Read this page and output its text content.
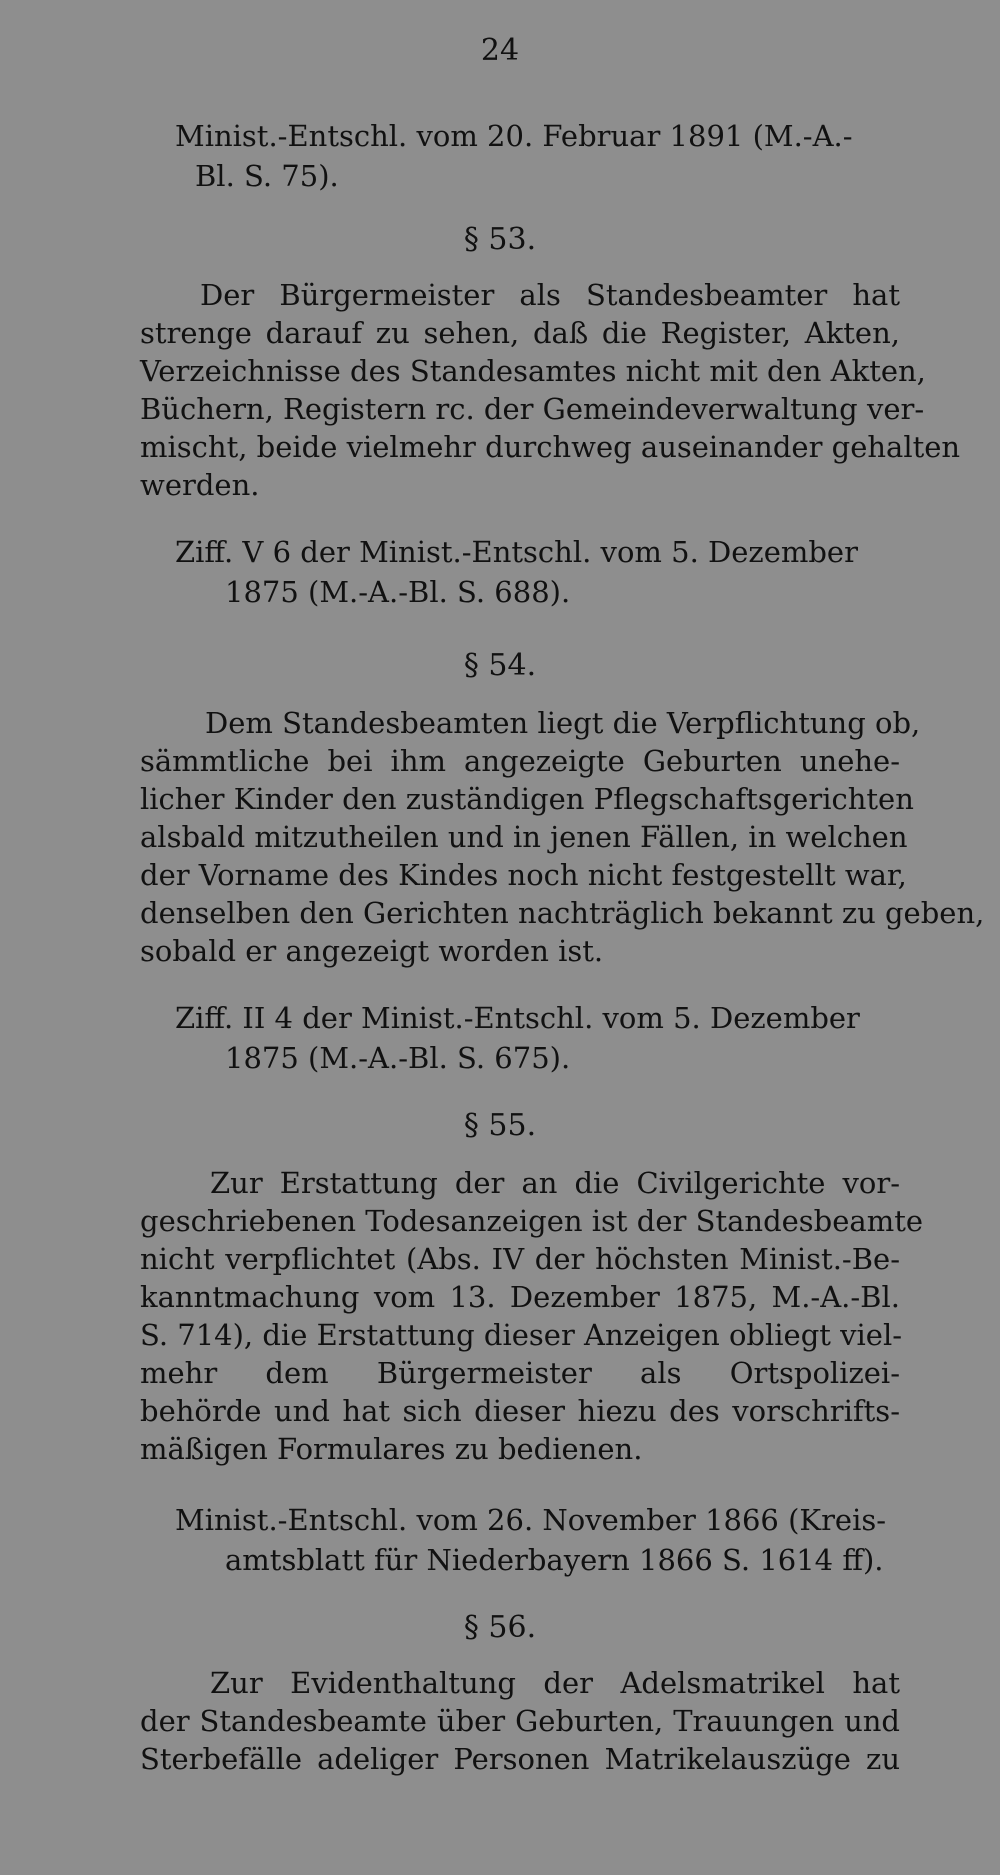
24
Minist.-Entschl. vom 20. Februar 1891 (M.-A.-
Bl. S. 75).
§ 53.
Der Bürgermeister als Standesbeamter hat
strenge darauf zu sehen, daß die Register, Akten,
Verzeichnisse des Standesamtes nicht mit den Akten,
Büchern, Registern rc. der Gemeindeverwaltung ver-
mischt, beide vielmehr durchweg auseinander gehalten
werden.
Ziff. V 6 der Minist.-Entschl. vom 5. Dezember
1875 (M.-A.-Bl. S. 688).
§ 54.
Dem Standesbeamten liegt die Verpflichtung ob,
sämmtliche bei ihm angezeigte Geburten unehe-
licher Kinder den zuständigen Pflegschaftsgerichten
alsbald mitzutheilen und in jenen Fällen, in welchen
der Vorname des Kindes noch nicht festgestellt war,
denselben den Gerichten nachträglich bekannt zu geben,
sobald er angezeigt worden ist.
Ziff. II 4 der Minist.-Entschl. vom 5. Dezember
1875 (M.-A.-Bl. S. 675).
§ 55.
Zur Erstattung der an die Civilgerichte vor-
geschriebenen Todesanzeigen ist der Standesbeamte
nicht verpflichtet (Abs. IV der höchsten Minist.-Be-
kanntmachung vom 13. Dezember 1875, M.-A.-Bl.
S. 714), die Erstattung dieser Anzeigen obliegt viel-
mehr dem Bürgermeister als Ortspolizei-
behörde und hat sich dieser hiezu des vorschrifts-
mäßigen Formulares zu bedienen.
Minist.-Entschl. vom 26. November 1866 (Kreis-
amtsblatt für Niederbayern 1866 S. 1614 ff).
§ 56.
Zur Evidenthaltung der Adelsmatrikel hat
der Standesbeamte über Geburten, Trauungen und
Sterbefälle adeliger Personen Matrikelauszüge zu
